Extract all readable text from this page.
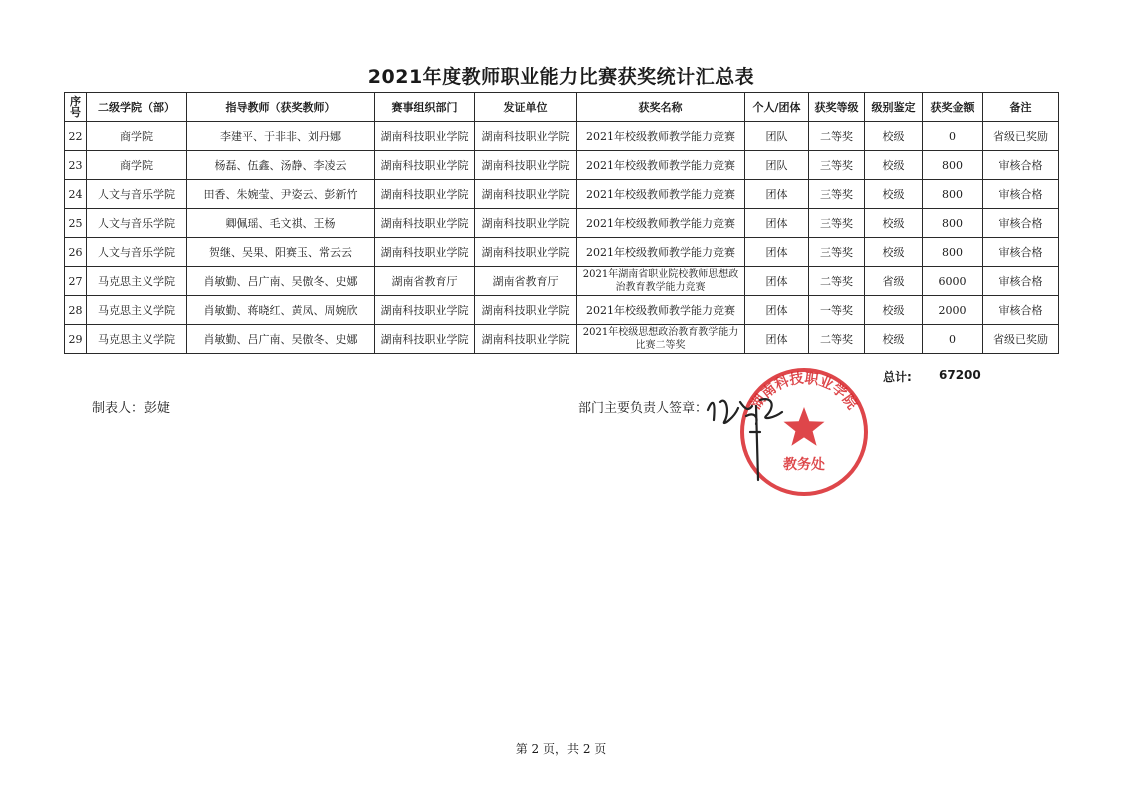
2021年度教师职业能力比赛获奖统计汇总表
序号	二级学院（部）	指导教师（获奖教师）	赛事组织部门	发证单位	获奖名称	个人/团体	获奖等级	级别鉴定	获奖金额	备注
22	商学院	李建平、于非非、刘丹娜	湖南科技职业学院	湖南科技职业学院	2021年校级教师教学能力竞赛	团队	二等奖	校级	0	省级已奖励
23	商学院	杨磊、伍鑫、汤静、李凌云	湖南科技职业学院	湖南科技职业学院	2021年校级教师教学能力竞赛	团队	三等奖	校级	800	审核合格
24	人文与音乐学院	田香、朱婉莹、尹姿云、彭新竹	湖南科技职业学院	湖南科技职业学院	2021年校级教师教学能力竞赛	团体	三等奖	校级	800	审核合格
25	人文与音乐学院	卿佩瑶、毛文祺、王杨	湖南科技职业学院	湖南科技职业学院	2021年校级教师教学能力竞赛	团体	三等奖	校级	800	审核合格
26	人文与音乐学院	贺继、吴果、阳赛玉、常云云	湖南科技职业学院	湖南科技职业学院	2021年校级教师教学能力竞赛	团体	三等奖	校级	800	审核合格
27	马克思主义学院	肖敏勤、吕广南、吴傲冬、史娜	湖南省教育厅	湖南省教育厅	2021年湖南省职业院校教师思想政治教育教学能力竞赛	团体	二等奖	省级	6000	审核合格
28	马克思主义学院	肖敏勤、蒋晓红、黄凤、周婉欣	湖南科技职业学院	湖南科技职业学院	2021年校级教师教学能力竞赛	团体	一等奖	校级	2000	审核合格
29	马克思主义学院	肖敏勤、吕广南、吴傲冬、史娜	湖南科技职业学院	湖南科技职业学院	2021年校级思想政治教育教学能力比赛二等奖	团体	二等奖	校级	0	省级已奖励
总计: 67200
制表人：彭婕	部门主要负责人签章：	湖南科技职业学院
教务处
第 2 页，共 2 页
